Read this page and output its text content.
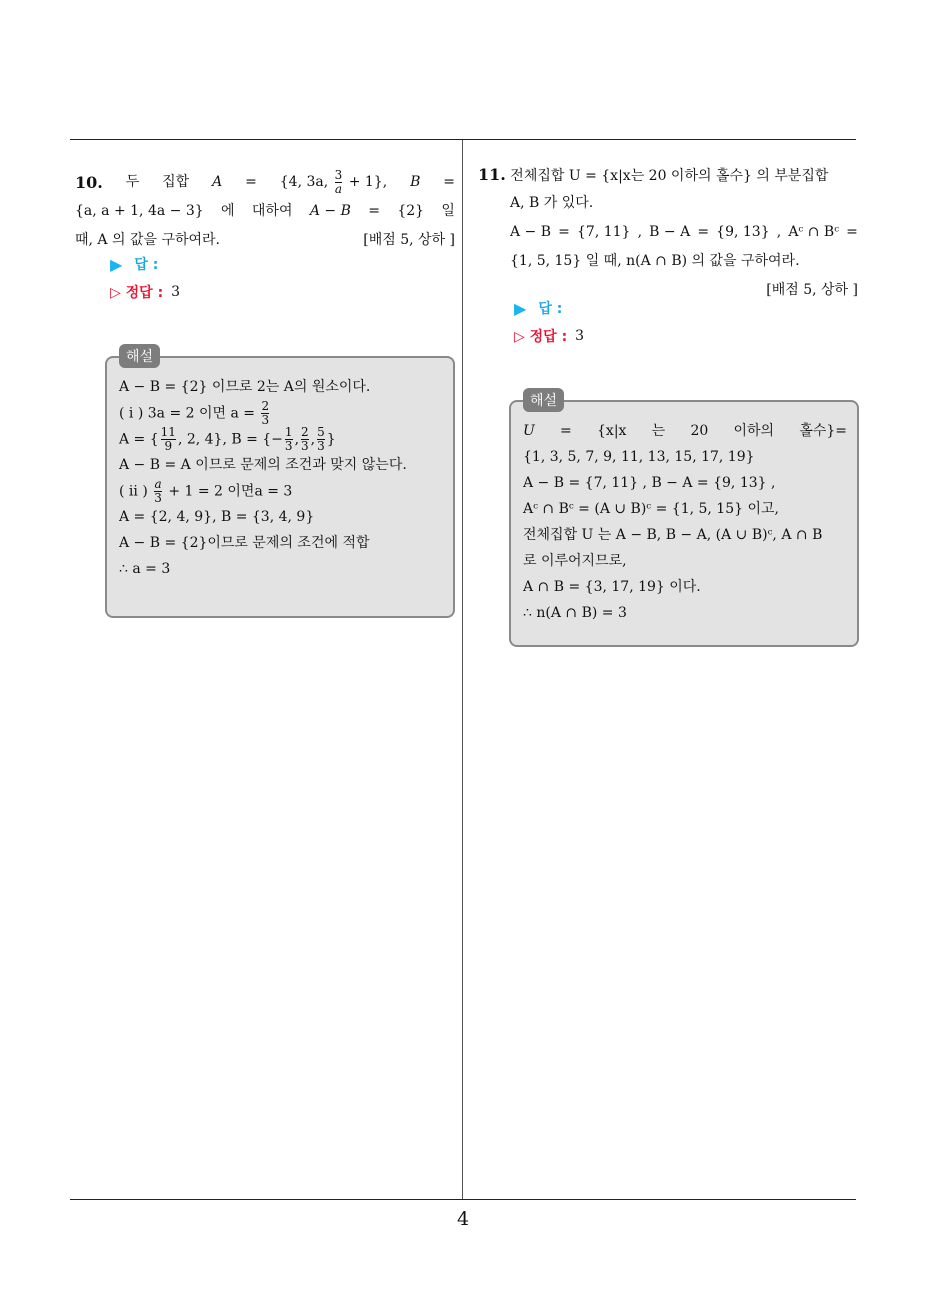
4
10. 두 집합 A = {4, 3a, $\frac{3}{a} + 1$}, B =
{a, a + 1, 4a − 3} 에 대하여 A − B = {2} 일
때, A 의 값을 구하여라.	[배점 5, 상하 ]
▶ 답 :
▷ 정답 : 3
해설
A − B = {2} 이므로 2는 A의 원소이다.
( i ) 3a = 2 이면 $a = \frac{2}{3}$
A = { $\frac{11}{9}$ , 2, 4}, B = {− $\frac{1}{3}$ , $\frac{2}{3}$ , $\frac{5}{3}$ }
A − B = A 이므로 문제의 조건과 맞지 않는다.
( ii ) $\frac{a}{3} + 1 = 2$ 이면a = 3
A = {2, 4, 9}, B = {3, 4, 9}
A − B = {2}이므로 문제의 조건에 적합
∴ a = 3
11. 전체집합 U = {x|x는 20 이하의 홀수} 의 부분집합
A, B 가 있다.
A − B = {7, 11} , B − A = {9, 13} , Aᶜ ∩ Bᶜ =
{1, 5, 15} 일 때, n(A ∩ B) 의 값을 구하여라.
[배점 5, 상하 ]
▶ 답 :
▷ 정답 : 3
해설
U = {x|x 는 20 이하의 홀수}=
{1, 3, 5, 7, 9, 11, 13, 15, 17, 19}
A − B = {7, 11} , B − A = {9, 13} ,
Aᶜ ∩ Bᶜ = (A ∪ B)ᶜ = {1, 5, 15} 이고,
전체집합 U 는 A − B, B − A, (A ∪ B)ᶜ, A ∩ B
로 이루어지므로,
A ∩ B = {3, 17, 19} 이다.
∴ n(A ∩ B) = 3
